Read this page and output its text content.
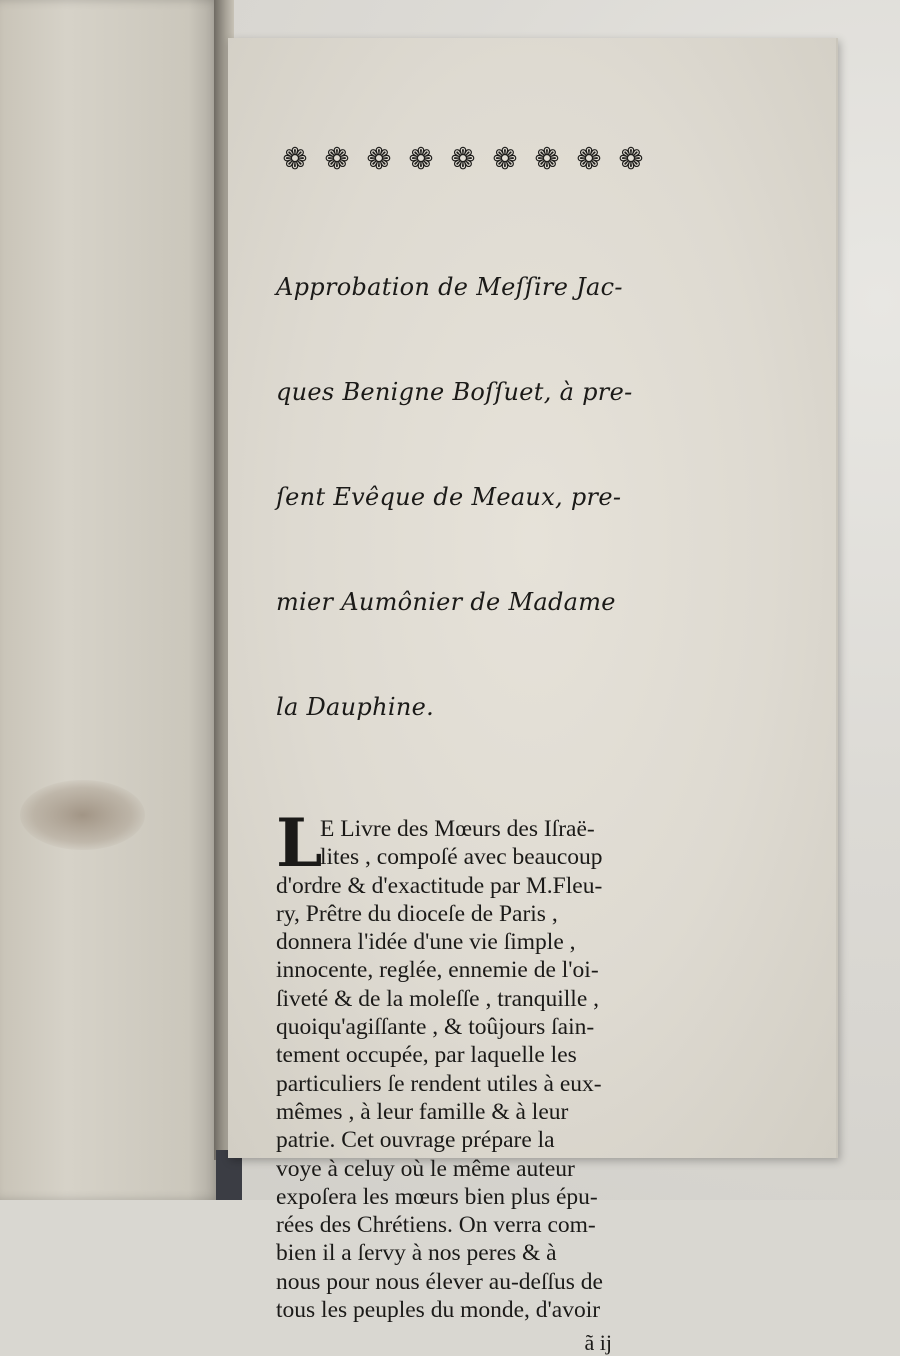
❁ ❁ ❁ ❁ ❁ ❁ ❁ ❁ ❁

Approbation de Meſſire Jac-

ques Benigne Boſſuet, à pre-

ſent Evêque de Meaux, pre-

mier Aumônier de Madame

la Dauphine.

L
E Livre des Mœurs des Iſraë-
lites , compoſé avec beaucoup
d'ordre & d'exactitude par M.Fleu-
ry, Prêtre du dioceſe de Paris ,
donnera l'idée d'une vie ſimple ,
innocente, reglée, ennemie de l'oi-
ſiveté & de la moleſſe , tranquille ,
quoiqu'agiſſante , & toûjours ſain-
tement occupée, par laquelle les
particuliers ſe rendent utiles à eux-
mêmes , à leur famille & à leur
patrie. Cet ouvrage prépare la
voye à celuy où le même auteur
expoſera les mœurs bien plus épu-
rées des Chrétiens. On verra com-
bien il a ſervy à nos peres & à
nous pour nous élever au-deſſus de
tous les peuples du monde, d'avoir
ã ij
